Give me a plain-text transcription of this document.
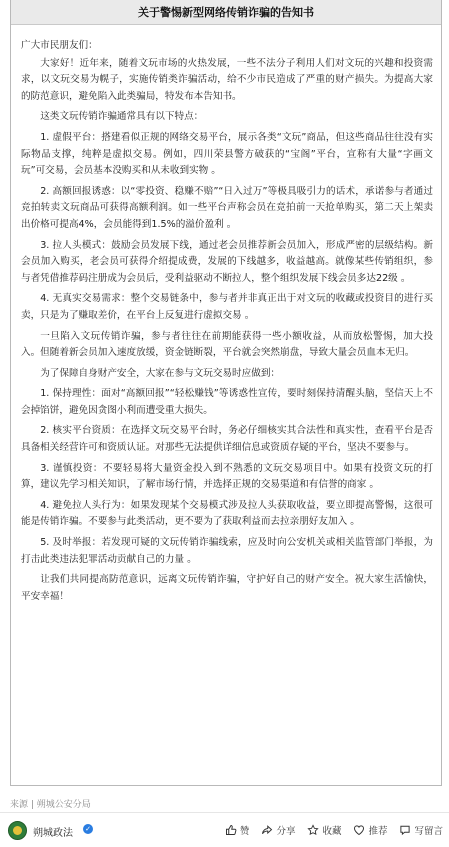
关于警惕新型网络传销诈骗的告知书

广大市民朋友们：

大家好！近年来，随着文玩市场的火热发展，一些不法分子利用人们对文玩的兴趣和投资需求，以文玩交易为幌子，实施传销类诈骗活动，给不少市民造成了严重的财产损失。为提高大家的防范意识，避免陷入此类骗局，特发布本告知书。

这类文玩传销诈骗通常具有以下特点：

1. 虚假平台：搭建看似正规的网络交易平台，展示各类“文玩”商品，但这些商品往往没有实际物品支撑，纯粹是虚拟交易。例如，四川荣县警方破获的“宝阁”平台，宣称有大量“字画文玩”可交易，会员基本没购买和从未收到实物 。

2. 高额回报诱惑：以“零投资、稳赚不赔”“日入过万”等极具吸引力的话术，承诺参与者通过竞拍转卖文玩商品可获得高额利润。如一些平台声称会员在竞拍前一天抢单购买，第二天上架卖出价格可提高4%，会员能得到1.5%的溢价盈利 。

3. 拉人头模式：鼓励会员发展下线，通过老会员推荐新会员加入，形成严密的层级结构。新会员加入购买，老会员可获得介绍提成费，发展的下线越多，收益越高。就像某些传销组织，参与者凭借推荐码注册成为会员后，受利益驱动不断拉人，整个组织发展下线会员多达22级 。

4. 无真实交易需求：整个交易链条中，参与者并非真正出于对文玩的收藏或投资目的进行买卖，只是为了赚取差价，在平台上反复进行虚拟交易 。

一旦陷入文玩传销诈骗，参与者往往在前期能获得一些小额收益，从而放松警惕，加大投入。但随着新会员加入速度放缓，资金链断裂，平台就会突然崩盘，导致大量会员血本无归。

为了保障自身财产安全，大家在参与文玩交易时应做到：

1. 保持理性：面对“高额回报”“轻松赚钱”等诱惑性宣传，要时刻保持清醒头脑，坚信天上不会掉馅饼，避免因贪图小利而遭受重大损失。

2. 核实平台资质：在选择文玩交易平台时，务必仔细核实其合法性和真实性，查看平台是否具备相关经营许可和资质认证。对那些无法提供详细信息或资质存疑的平台，坚决不要参与。

3. 谨慎投资：不要轻易将大量资金投入到不熟悉的文玩交易项目中。如果有投资文玩的打算，建议先学习相关知识，了解市场行情，并选择正规的交易渠道和有信誉的商家 。

4. 避免拉人头行为：如果发现某个交易模式涉及拉人头获取收益，要立即提高警惕，这很可能是传销诈骗。不要参与此类活动，更不要为了获取利益而去拉亲朋好友加入 。

5. 及时举报：若发现可疑的文玩传销诈骗线索，应及时向公安机关或相关监管部门举报，为打击此类违法犯罪活动贡献自己的力量 。

让我们共同提高防范意识，远离文玩传销诈骗，守护好自己的财产安全。祝大家生活愉快，平安幸福！

来源 | 朔城公安分局
朔城政法 ✓	赞	分享	收藏	推荐	写留言
